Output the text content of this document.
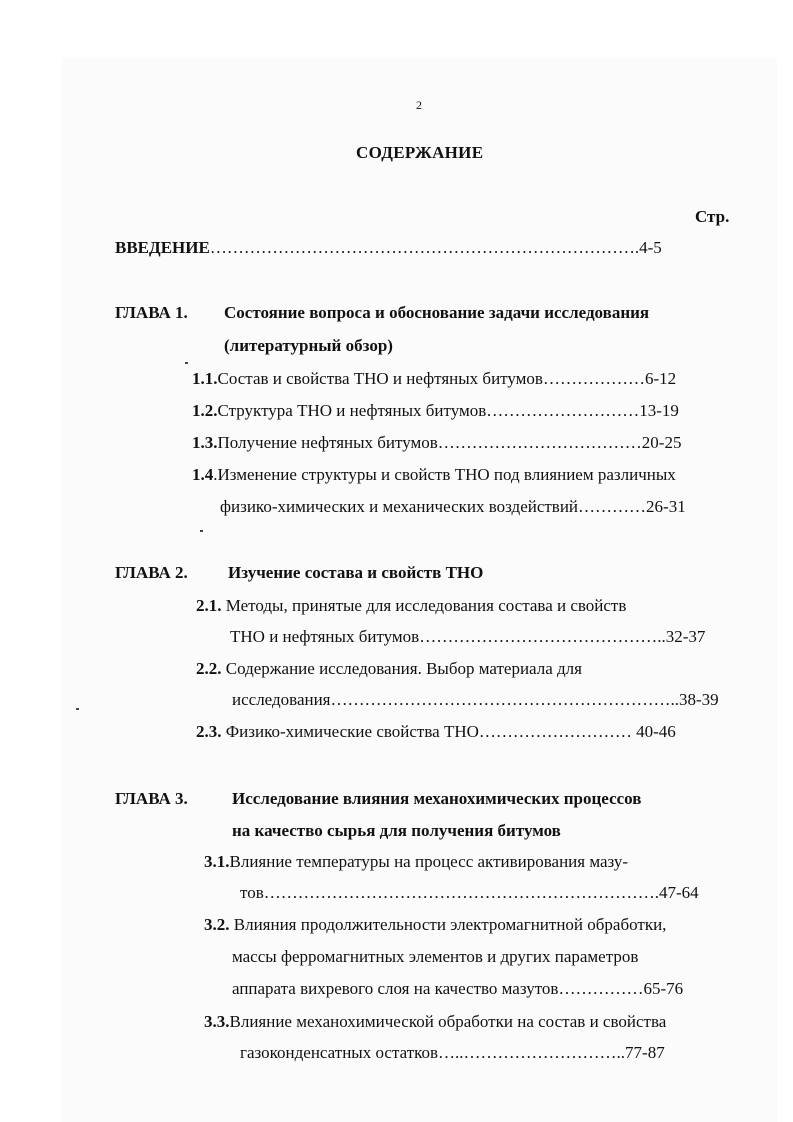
2
СОДЕРЖАНИЕ
Стр.
ВВЕДЕНИЕ………………………………………………………………….4-5
ГЛАВА 1. Состояние вопроса и обоснование задачи исследования
(литературный обзор)
1.1.Состав и свойства ТНО и нефтяных битумов………………6-12
1.2.Структура ТНО и нефтяных битумов………………………13-19
1.3.Получение нефтяных битумов………………………………20-25
1.4.Изменение структуры и свойств ТНО под влиянием различных
физико-химических и механических воздействий…………26-31
ГЛАВА 2. Изучение состава и свойств ТНО
2.1. Методы, принятые для исследования состава и свойств
ТНО и нефтяных битумов……………………………………..32-37
2.2. Содержание исследования. Выбор материала для
исследования……………………………………………………..38-39
2.3. Физико-химические свойства ТНО……………………… 40-46
ГЛАВА 3.	Исследование влияния механохимических процессов
на качество сырья для получения битумов
3.1.Влияние температуры на процесс активирования мазу-
тов…………………………………………………………….47-64
3.2. Влияния продолжительности электромагнитной обработки,
массы ферромагнитных элементов и других параметров
аппарата вихревого слоя на качество мазутов……………65-76
3.3.Влияние механохимической обработки на состав и свойства
газоконденсатных остатков…..………………………..77-87
